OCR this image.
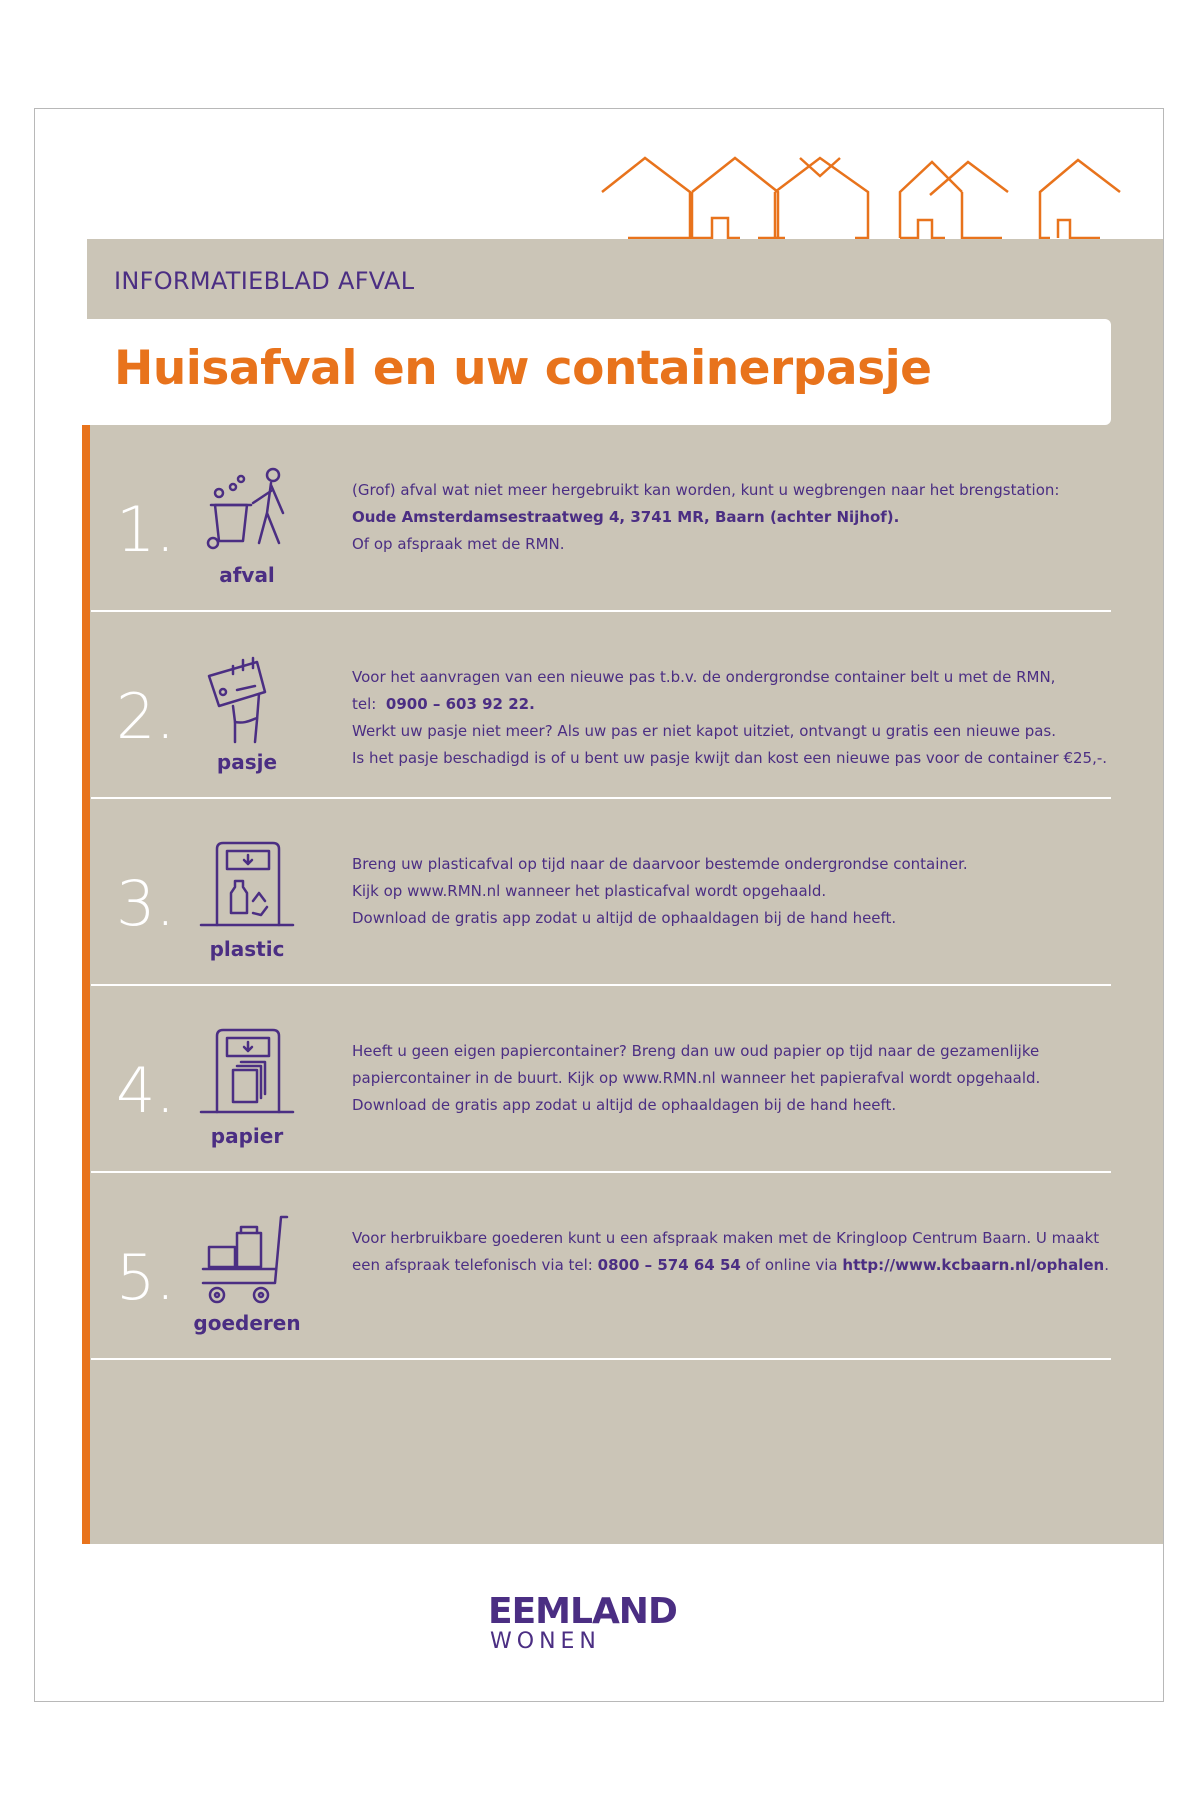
INFORMATIEBLAD AFVAL
Huisafval en uw containerpasje
1.
afval

(Grof) afval wat niet meer hergebruikt kan worden, kunt u wegbrengen naar het brengstation:

Oude Amsterdamsestraatweg 4, 3741 MR, Baarn (achter Nijhof).

Of op afspraak met de RMN.

2.
pasje

Voor het aanvragen van een nieuwe pas t.b.v. de ondergrondse container belt u met de RMN,

tel: 0900 – 603 92 22.

Werkt uw pasje niet meer? Als uw pas er niet kapot uitziet, ontvangt u gratis een nieuwe pas.

Is het pasje beschadigd is of u bent uw pasje kwijt dan kost een nieuwe pas voor de container €25,-.

3.
plastic

Breng uw plasticafval op tijd naar de daarvoor bestemde ondergrondse container.

Kijk op www.RMN.nl wanneer het plasticafval wordt opgehaald.

Download de gratis app zodat u altijd de ophaaldagen bij de hand heeft.

4.
papier

Heeft u geen eigen papiercontainer? Breng dan uw oud papier op tijd naar de gezamenlijke

papiercontainer in de buurt. Kijk op www.RMN.nl wanneer het papierafval wordt opgehaald.

Download de gratis app zodat u altijd de ophaaldagen bij de hand heeft.

5.
goederen

Voor herbruikbare goederen kunt u een afspraak maken met de Kringloop Centrum Baarn. U maakt

een afspraak telefonisch via tel: 0800 – 574 64 54 of online via http://www.kcbaarn.nl/ophalen.

EEMLAND
WONEN
